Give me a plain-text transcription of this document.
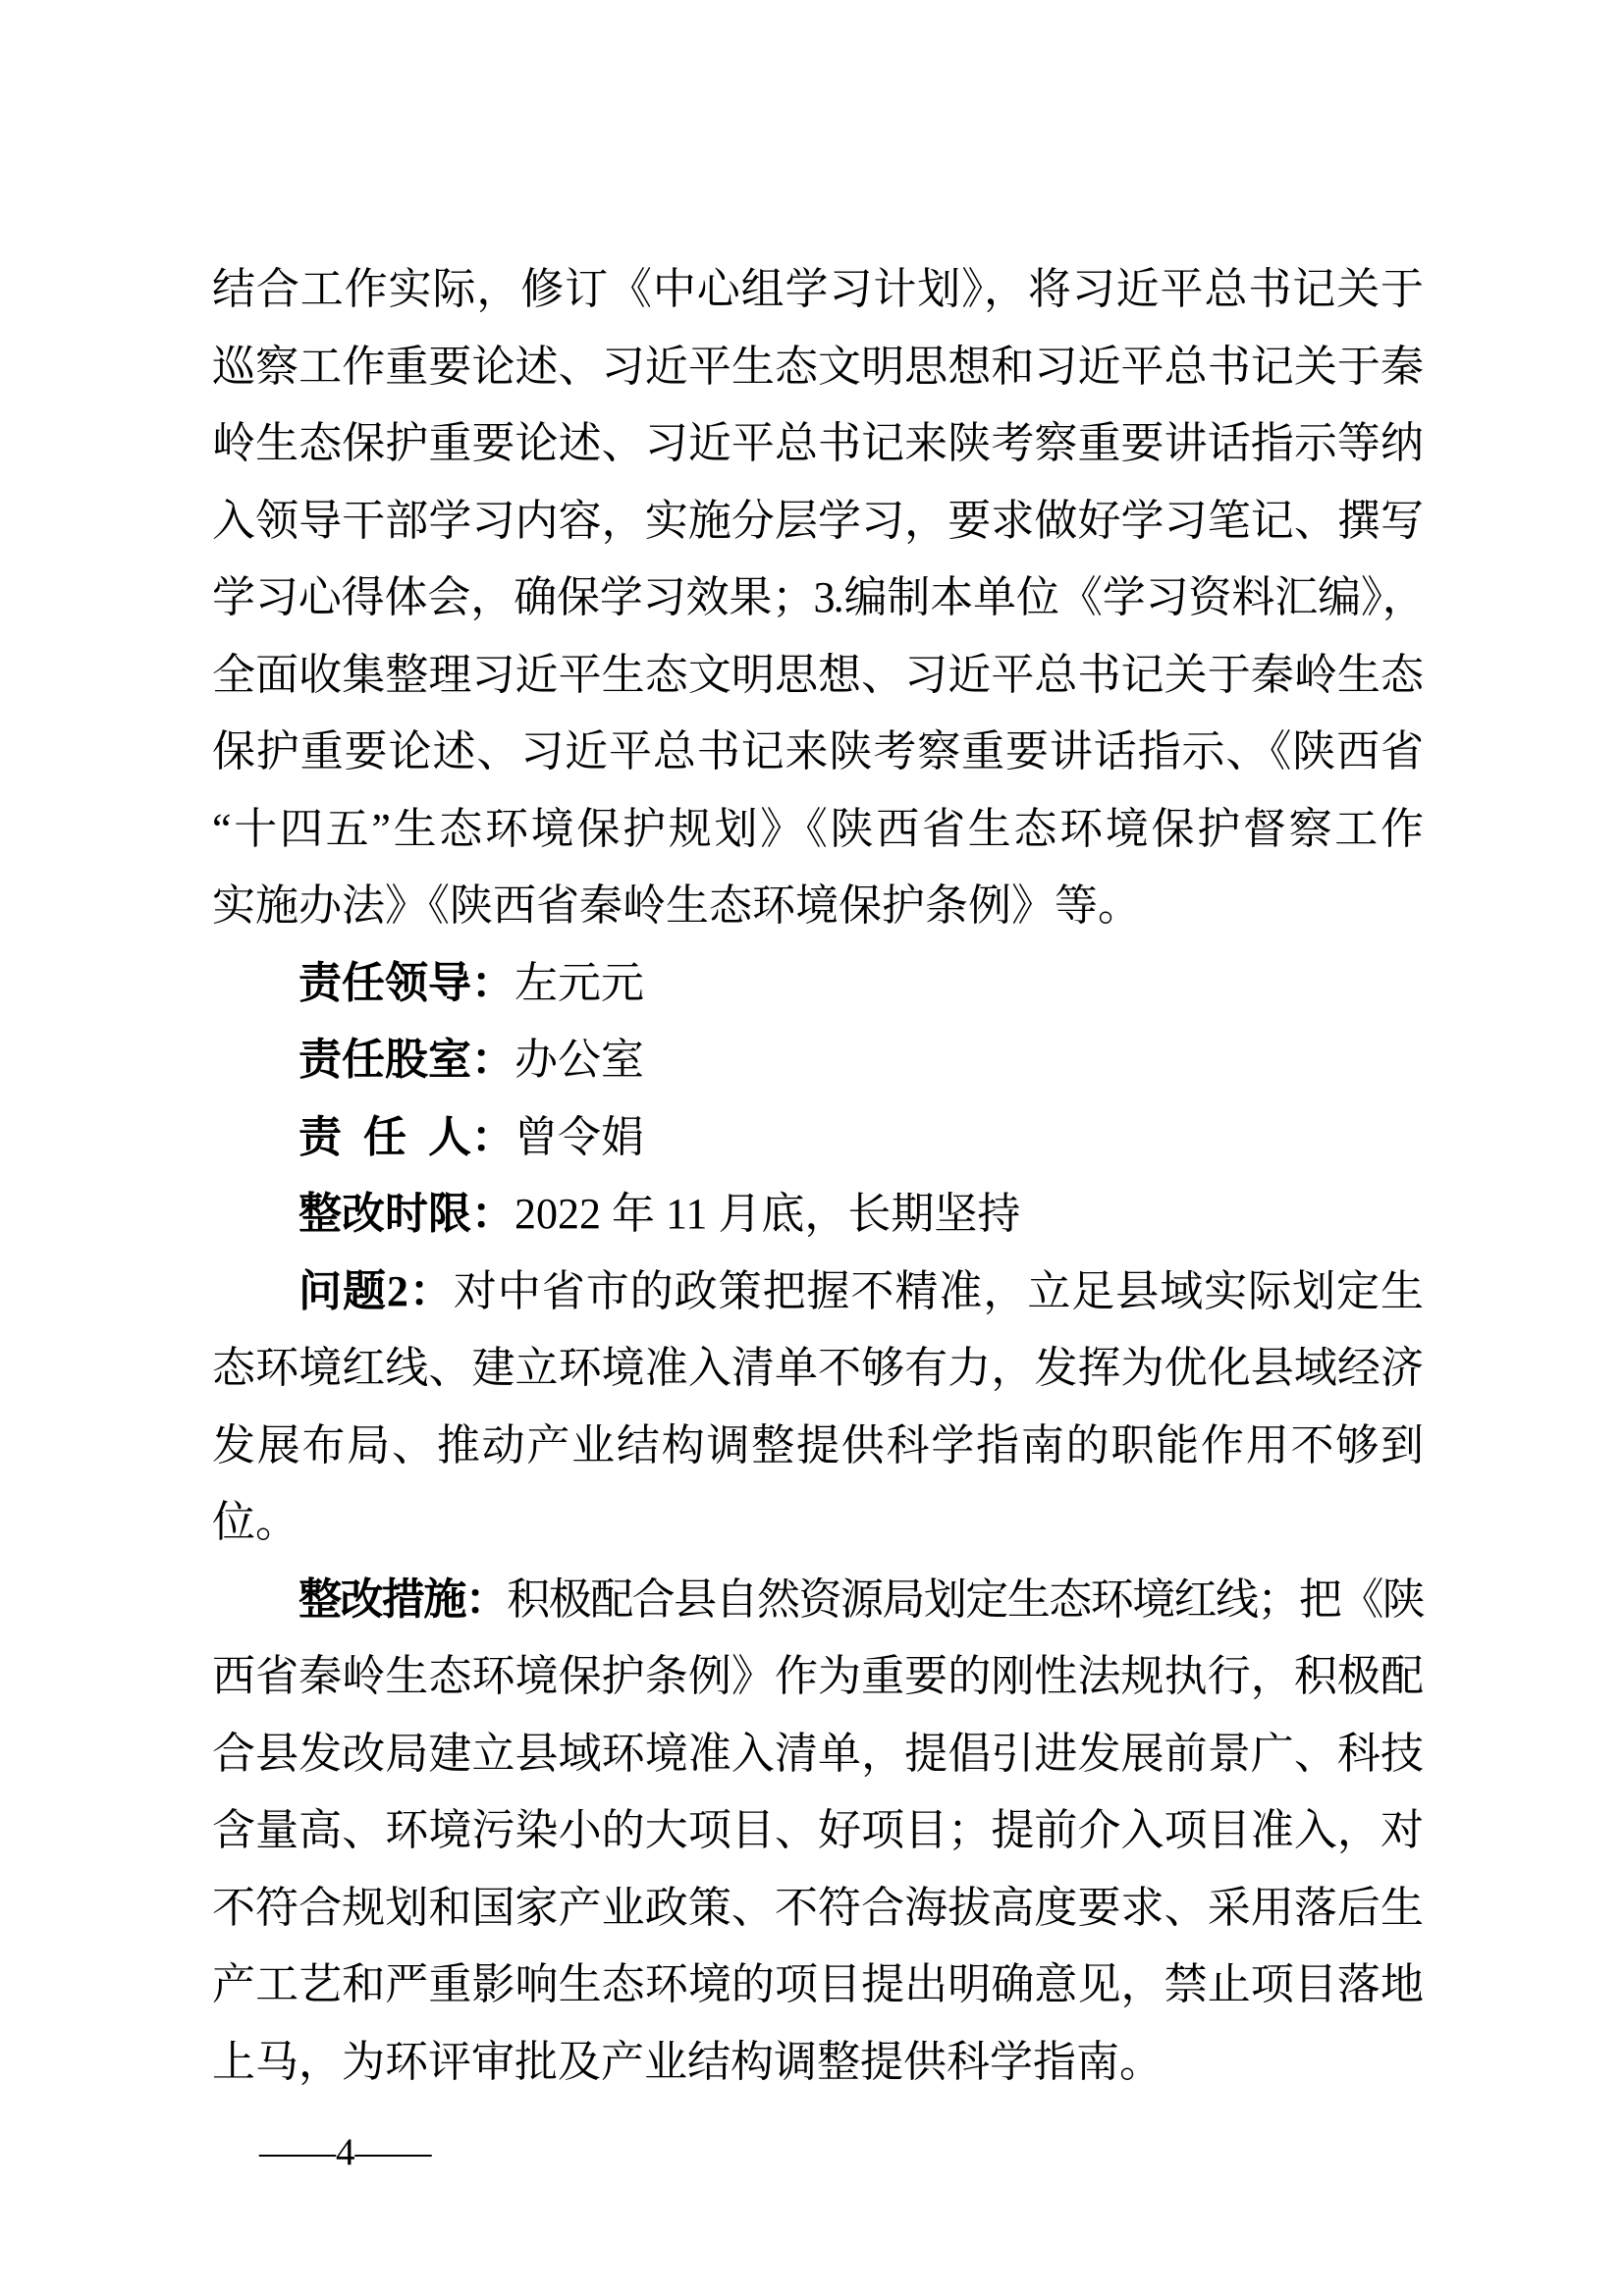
结合工作实际，修订《中心组学习计划》，将习近平总书记关于
巡察工作重要论述、习近平生态文明思想和习近平总书记关于秦
岭生态保护重要论述、习近平总书记来陕考察重要讲话指示等纳
入领导干部学习内容，实施分层学习，要求做好学习笔记、撰写
学习心得体会，确保学习效果；3.编制本单位《学习资料汇编》，
全面收集整理习近平生态文明思想、习近平总书记关于秦岭生态
保护重要论述、习近平总书记来陕考察重要讲话指示、《陕西省
“十四五”生态环境保护规划》《陕西省生态环境保护督察工作
实施办法》《陕西省秦岭生态环境保护条例》等。
责任领导：左元元
责任股室：办公室
责 任 人：曾令娟
整改时限：2022 年 11 月底，长期坚持
问题2：对中省市的政策把握不精准，立足县域实际划定生
态环境红线、建立环境准入清单不够有力，发挥为优化县域经济
发展布局、推动产业结构调整提供科学指南的职能作用不够到
位。
整改措施：积极配合县自然资源局划定生态环境红线；把《陕
西省秦岭生态环境保护条例》作为重要的刚性法规执行，积极配
合县发改局建立县域环境准入清单，提倡引进发展前景广、科技
含量高、环境污染小的大项目、好项目；提前介入项目准入，对
不符合规划和国家产业政策、不符合海拔高度要求、采用落后生
产工艺和严重影响生态环境的项目提出明确意见，禁止项目落地
上马，为环评审批及产业结构调整提供科学指南。
——4——
